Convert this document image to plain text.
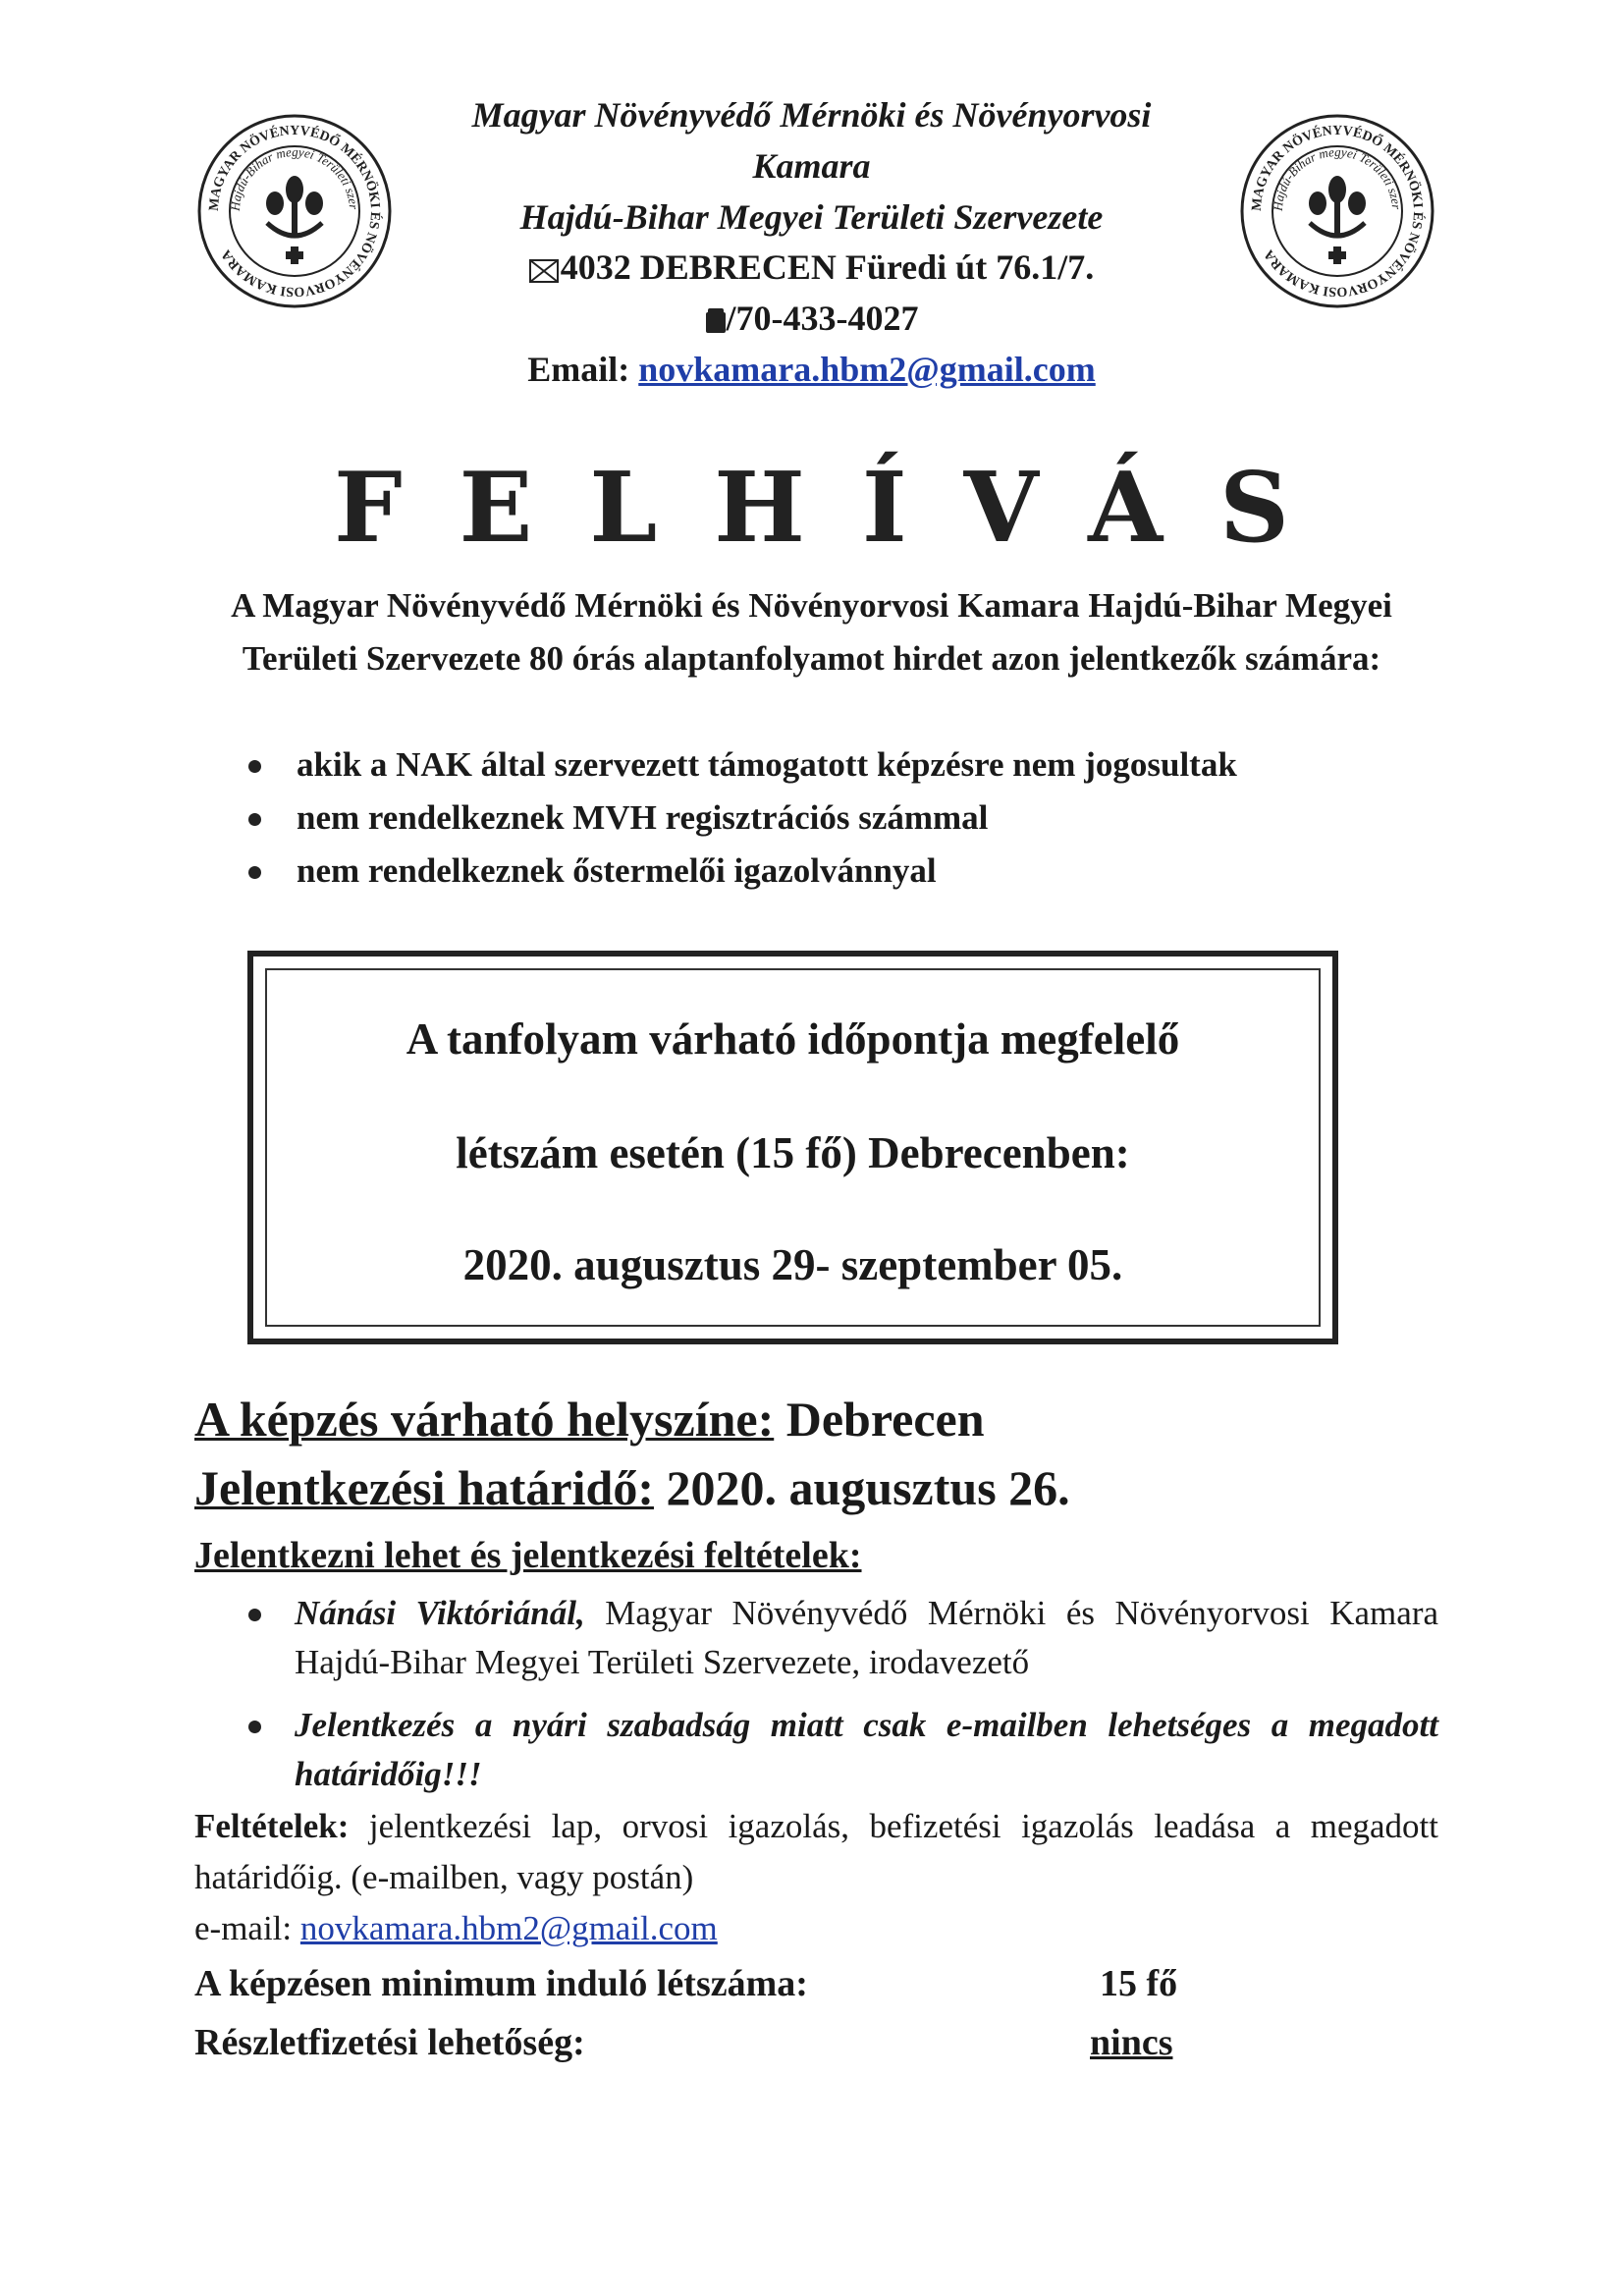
MAGYAR NÖVÉNYVÉDŐ MÉRNÖKI ÉS NÖVÉNYORVOSI KAMARA
Hajdú-Bihar megyei Területi szer	MAGYAR NÖVÉNYVÉDŐ MÉRNÖKI ÉS NÖVÉNYORVOSI KAMARA
Hajdú-Bihar megyei Területi szer
Magyar Növényvédő Mérnöki és Növényorvosi
Kamara
Hajdú-Bihar Megyei Területi Szervezete
4032 DEBRECEN Füredi út 76.1/7.
/70-433-4027
Email: novkamara.hbm2@gmail.com
FELHÍVÁS
A Magyar Növényvédő Mérnöki és Növényorvosi Kamara Hajdú-Bihar Megyei Területi Szervezete 80 órás alaptanfolyamot hirdet azon jelentkezők számára:
akik a NAK által szervezett támogatott képzésre nem jogosultak
nem rendelkeznek MVH regisztrációs számmal
nem rendelkeznek őstermelői igazolvánnyal
A tanfolyam várható időpontja megfelelő
létszám esetén (15 fő) Debrecenben:
2020. augusztus 29- szeptember 05.
A képzés várható helyszíne: Debrecen
Jelentkezési határidő: 2020. augusztus 26.
Jelentkezni lehet és jelentkezési feltételek:
Nánási Viktóriánál, Magyar Növényvédő Mérnöki és Növényorvosi Kamara Hajdú-Bihar Megyei Területi Szervezete, irodavezető
Jelentkezés a nyári szabadság miatt csak e-mailben lehetséges a megadott határidőig!!!
Feltételek: jelentkezési lap, orvosi igazolás, befizetési igazolás leadása a megadott határidőig. (e-mailben, vagy postán)
e-mail: novkamara.hbm2@gmail.com
A képzésen minimum induló létszáma:	15 fő
Részletfizetési lehetőség:	nincs
